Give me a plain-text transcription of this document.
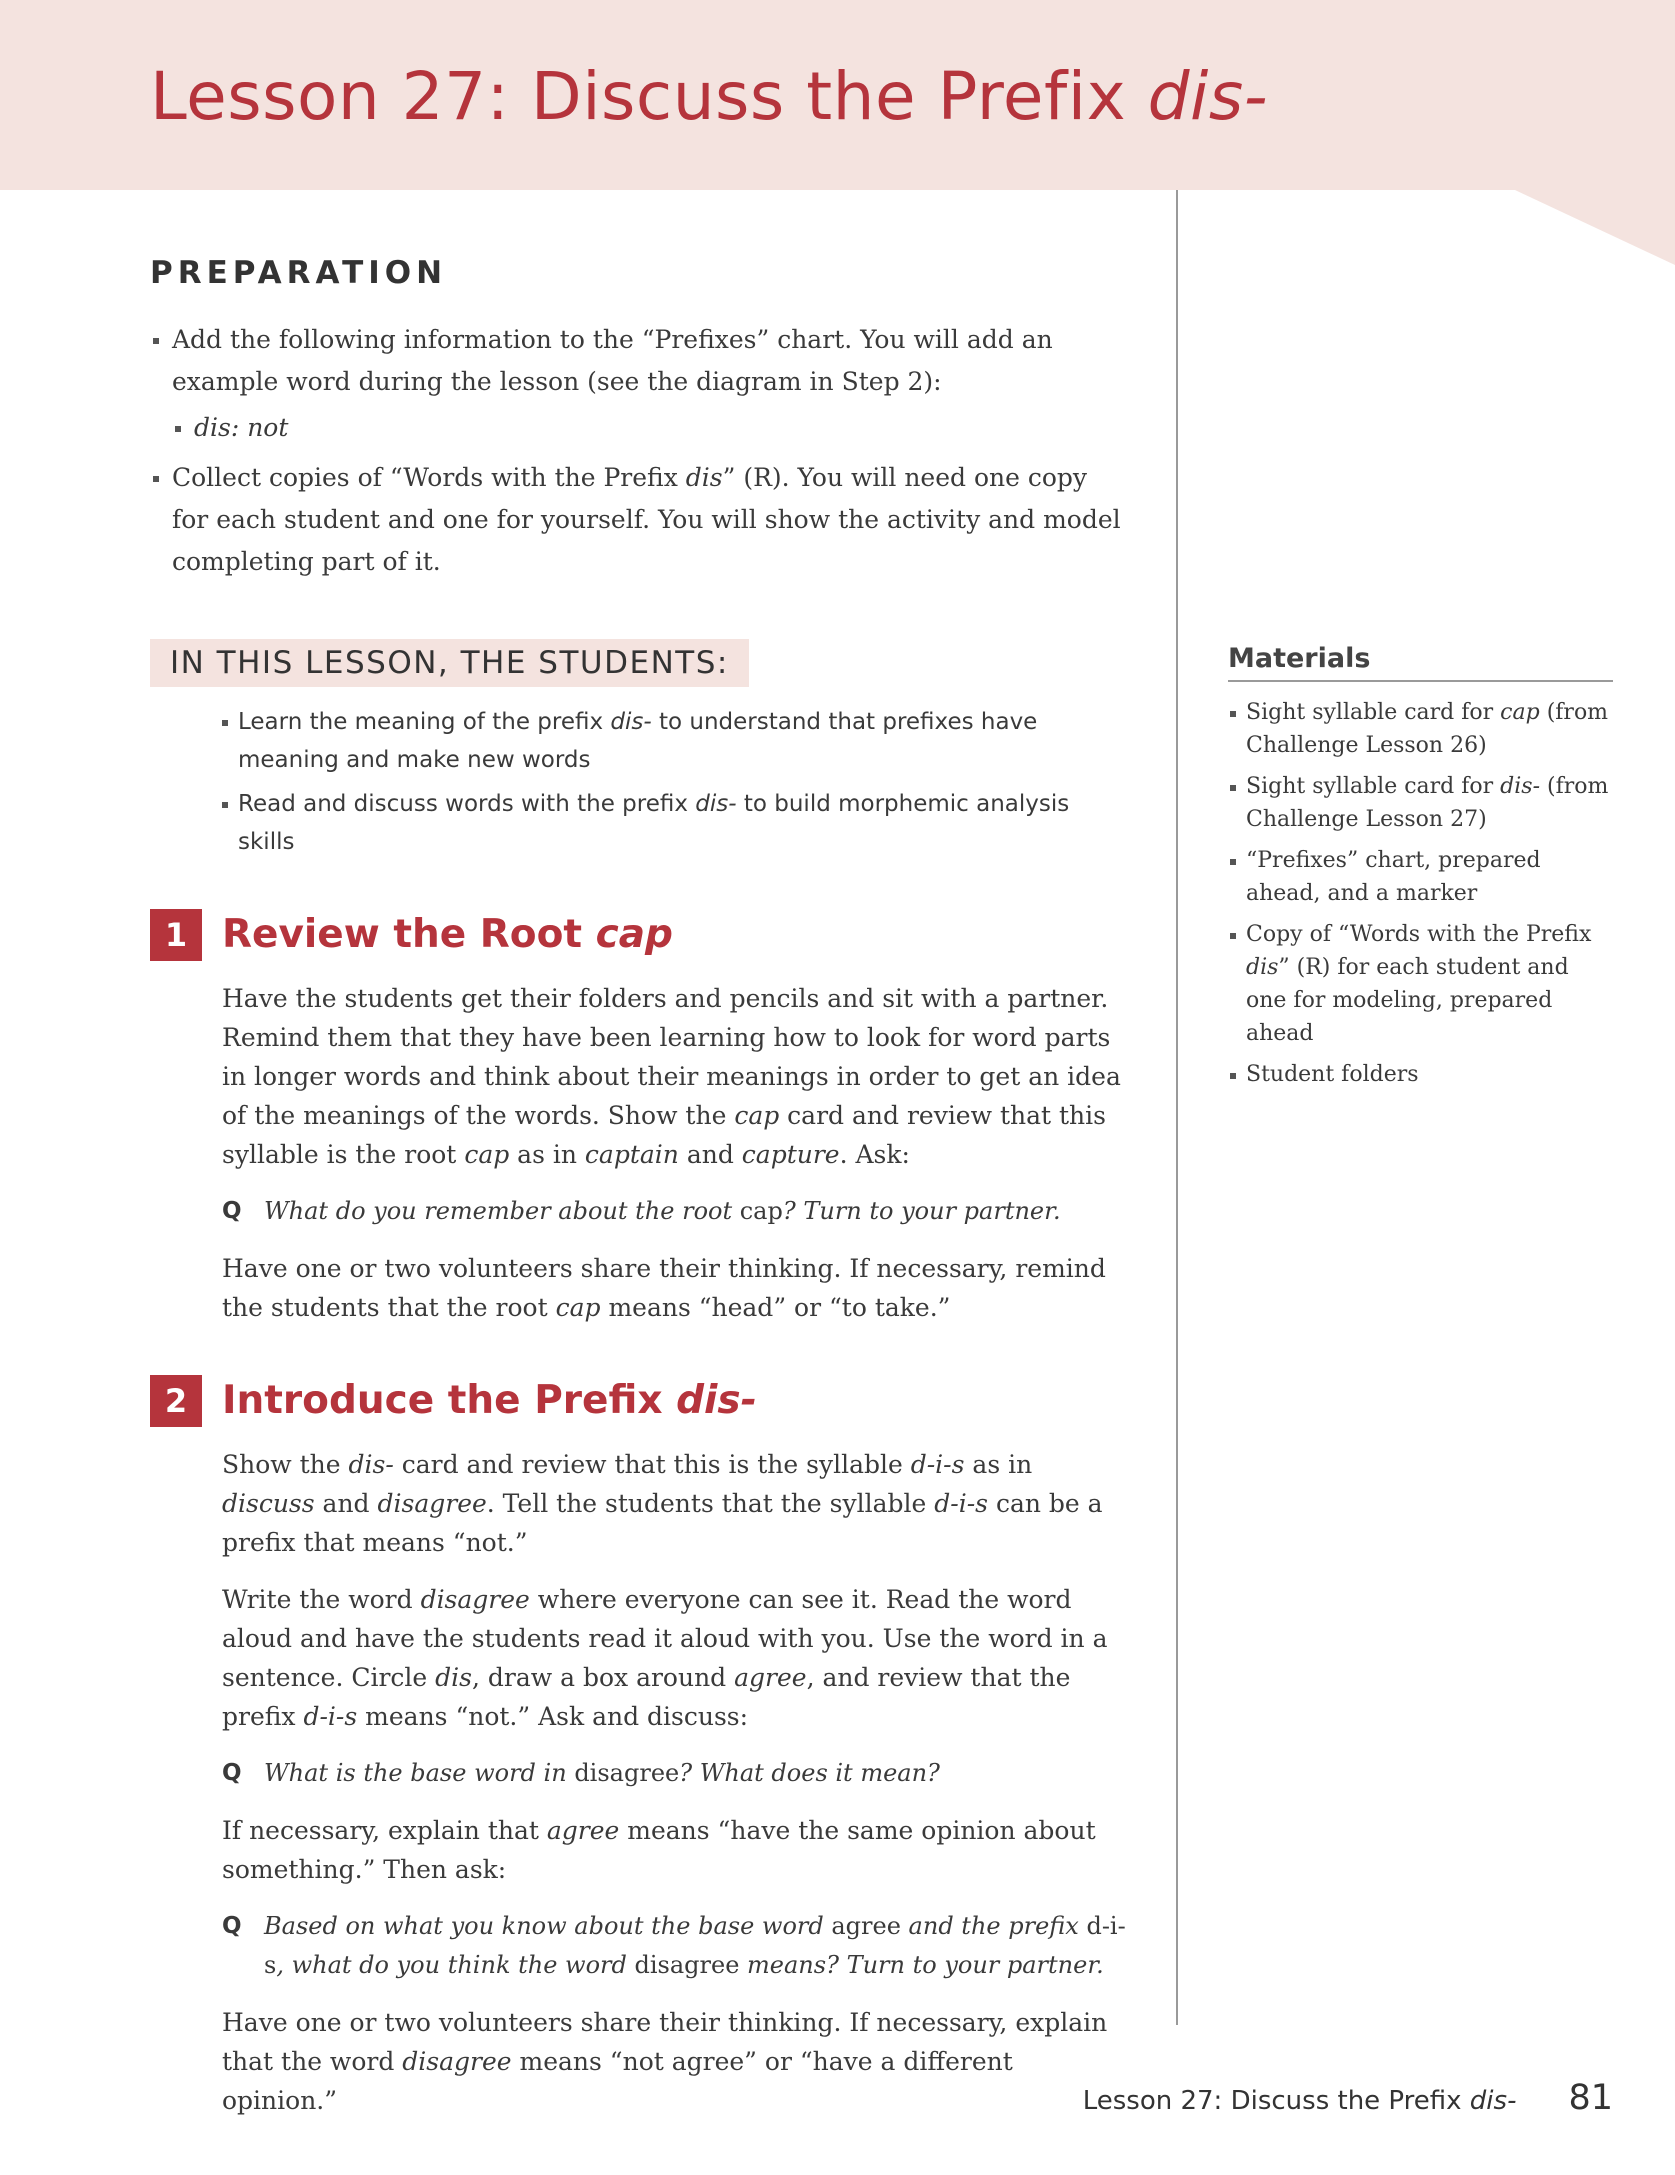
Lesson 27: Discuss the Prefix dis-
PREPARATION
Add the following information to the “Prefixes” chart. You will add an example word during the lesson (see the diagram in Step 2):
dis: not
Collect copies of “Words with the Prefix dis” (R). You will need one copy for each student and one for yourself. You will show the activity and model completing part of it.
IN THIS LESSON, THE STUDENTS:
Learn the meaning of the prefix dis- to understand that prefixes have meaning and make new words
Read and discuss words with the prefix dis- to build morphemic analysis skills
1 Review the Root cap

Have the students get their folders and pencils and sit with a partner. Remind them that they have been learning how to look for word parts in longer words and think about their meanings in order to get an idea of the meanings of the words. Show the cap card and review that this syllable is the root cap as in captain and capture. Ask:

Q What do you remember about the root cap? Turn to your partner.

Have one or two volunteers share their thinking. If necessary, remind the students that the root cap means “head” or “to take.”

2 Introduce the Prefix dis-

Show the dis- card and review that this is the syllable d-i-s as in discuss and disagree. Tell the students that the syllable d-i-s can be a prefix that means “not.”

Write the word disagree where everyone can see it. Read the word aloud and have the students read it aloud with you. Use the word in a sentence. Circle dis, draw a box around agree, and review that the prefix d-i-s means “not.” Ask and discuss:

Q What is the base word in disagree? What does it mean?

If necessary, explain that agree means “have the same opinion about something.” Then ask:

Q Based on what you know about the base word agree and the prefix d-i-s, what do you think the word disagree means? Turn to your partner.

Have one or two volunteers share their thinking. If necessary, explain that the word disagree means “not agree” or “have a different opinion.”

Materials
Sight syllable card for cap (from Challenge Lesson 26)
Sight syllable card for dis- (from Challenge Lesson 27)
“Prefixes” chart, prepared ahead, and a marker
Copy of “Words with the Prefix dis” (R) for each student and one for modeling, prepared ahead
Student folders
Lesson 27: Discuss the Prefix dis- 81
